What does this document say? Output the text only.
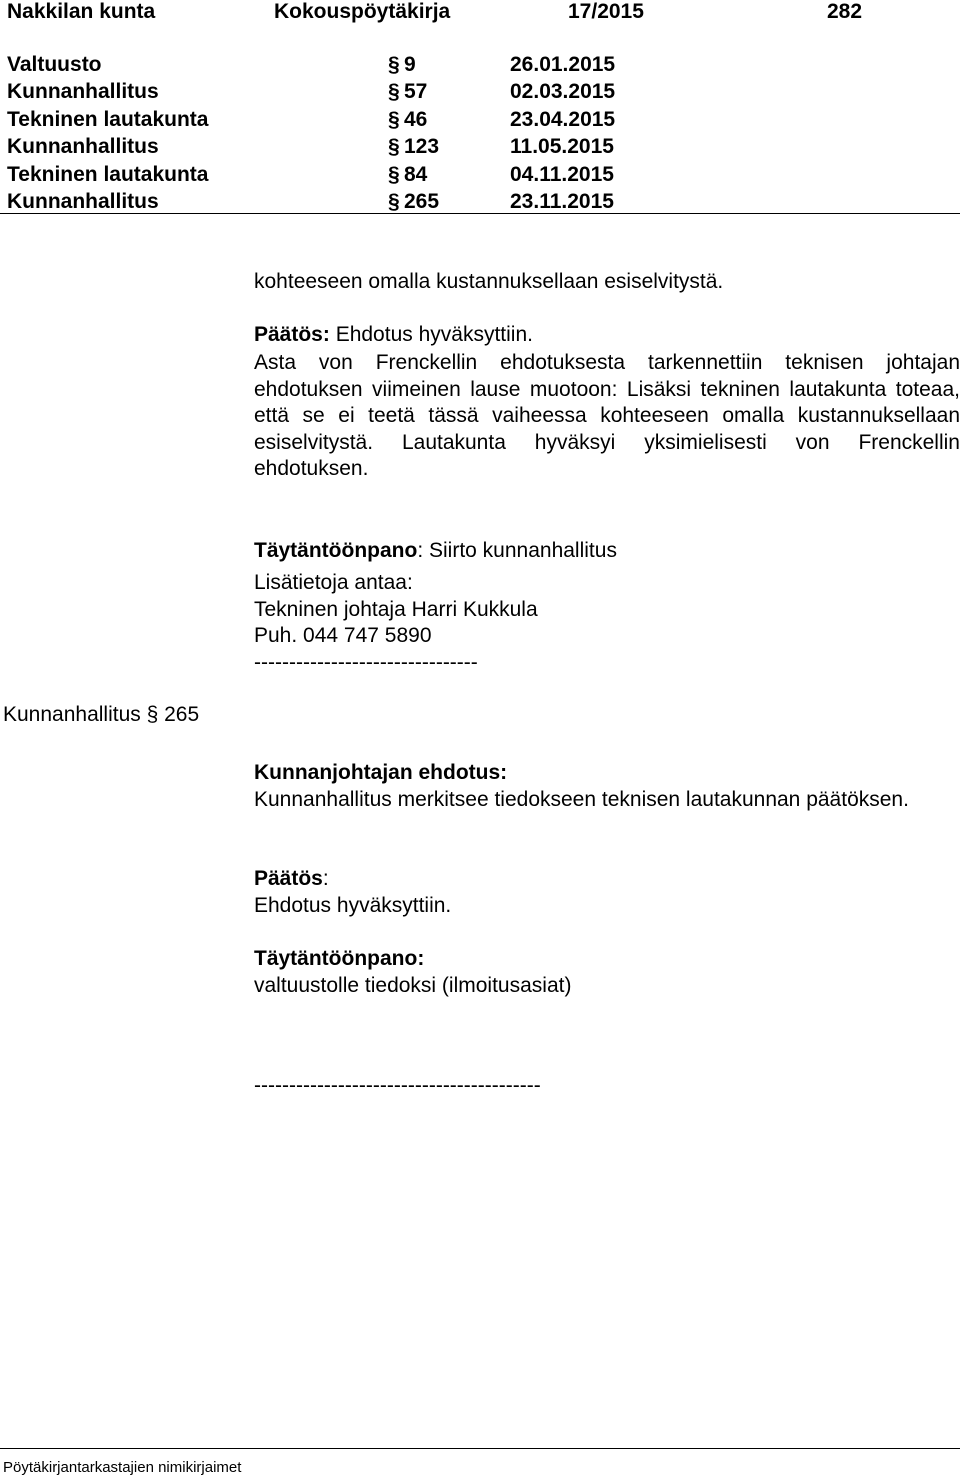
Nakkilan kunta	Kokouspöytäkirja	17/2015	282
Valtuusto	§ 9	26.01.2015
Kunnanhallitus	§ 57	02.03.2015
Tekninen lautakunta	§ 46	23.04.2015
Kunnanhallitus	§ 123	11.05.2015
Tekninen lautakunta	§ 84	04.11.2015
Kunnanhallitus	§ 265	23.11.2015

kohteeseen omalla kustannuksellaan esiselvitystä.

Päätös: Ehdotus hyväksyttiin.

Asta von Frenckellin ehdotuksesta tarkennettiin teknisen johtajan ehdotuksen viimeinen lause muotoon: Lisäksi tekninen lautakunta toteaa, että se ei teetä tässä vaiheessa kohteeseen omalla kustannuksellaan esiselvitystä. Lautakunta hyväksyi yksimielisesti von Frenckellin ehdotuksen.

Täytäntöönpano: Siirto kunnanhallitus

Lisätietoja antaa:

Tekninen johtaja Harri Kukkula

Puh. 044 747 5890

--------------------------------

Kunnanhallitus § 265

Kunnanjohtajan ehdotus:

Kunnanhallitus merkitsee tiedokseen teknisen lautakunnan päätöksen.

Päätös:

Ehdotus hyväksyttiin.

Täytäntöönpano:

valtuustolle tiedoksi (ilmoitusasiat)

-----------------------------------------

Pöytäkirjantarkastajien nimikirjaimet
